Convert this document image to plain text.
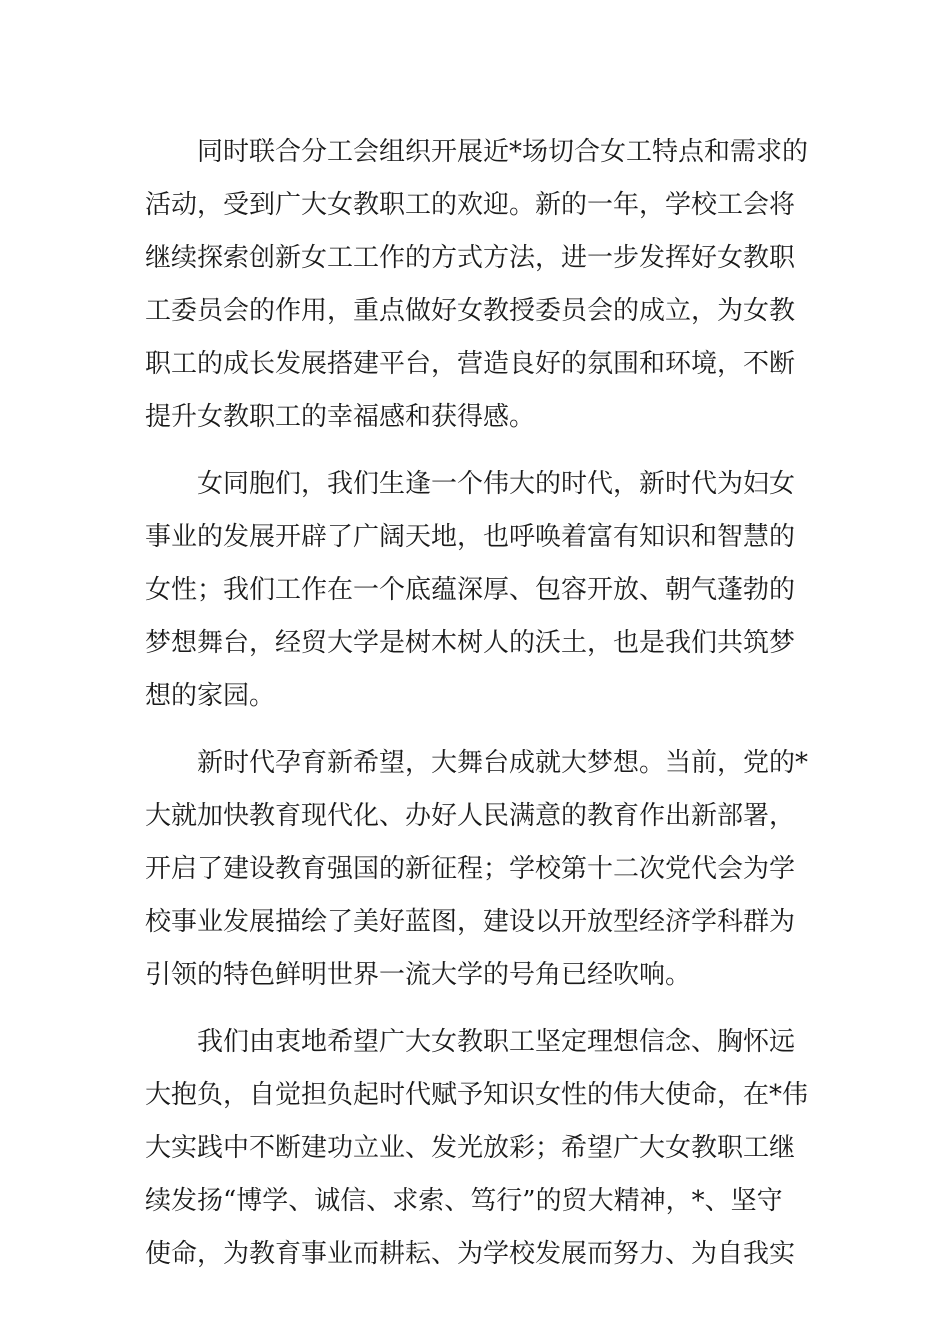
同时联合分工会组织开展近*场切合女工特点和需求的
活动，受到广大女教职工的欢迎。新的一年，学校工会将
继续探索创新女工工作的方式方法，进一步发挥好女教职
工委员会的作用，重点做好女教授委员会的成立，为女教
职工的成长发展搭建平台，营造良好的氛围和环境，不断
提升女教职工的幸福感和获得感。
女同胞们，我们生逢一个伟大的时代，新时代为妇女
事业的发展开辟了广阔天地，也呼唤着富有知识和智慧的
女性；我们工作在一个底蕴深厚、包容开放、朝气蓬勃的
梦想舞台，经贸大学是树木树人的沃土，也是我们共筑梦
想的家园。
新时代孕育新希望，大舞台成就大梦想。当前，党的*
大就加快教育现代化、办好人民满意的教育作出新部署，
开启了建设教育强国的新征程；学校第十二次党代会为学
校事业发展描绘了美好蓝图，建设以开放型经济学科群为
引领的特色鲜明世界一流大学的号角已经吹响。
我们由衷地希望广大女教职工坚定理想信念、胸怀远
大抱负，自觉担负起时代赋予知识女性的伟大使命，在*伟
大实践中不断建功立业、发光放彩；希望广大女教职工继
续发扬“博学、诚信、求索、笃行”的贸大精神，*、坚守
使命，为教育事业而耕耘、为学校发展而努力、为自我实
